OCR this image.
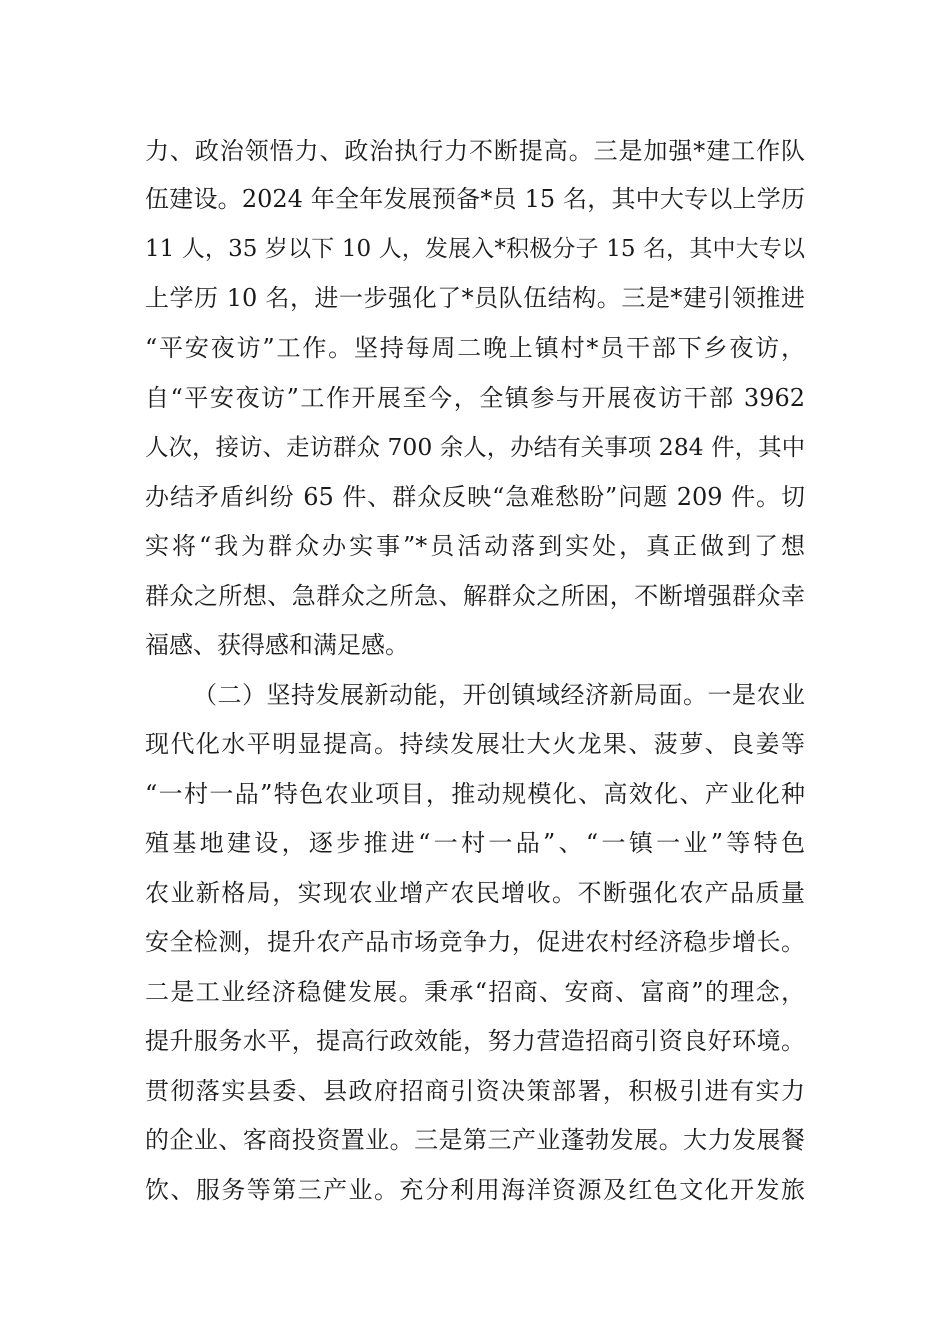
力、政治领悟力、政治执行力不断提高。三是加强*建工作队
伍建设。2024 年全年发展预备*员 15 名，其中大专以上学历
11 人，35 岁以下 10 人，发展入*积极分子 15 名，其中大专以
上学历 10 名，进一步强化了*员队伍结构。三是*建引领推进
“平安夜访”工作。坚持每周二晚上镇村*员干部下乡夜访，
自“平安夜访”工作开展至今，全镇参与开展夜访干部 3962
人次，接访、走访群众 700 余人，办结有关事项 284 件，其中
办结矛盾纠纷 65 件、群众反映“急难愁盼”问题 209 件。切
实将“我为群众办实事”*员活动落到实处，真正做到了想
群众之所想、急群众之所急、解群众之所困，不断增强群众幸
福感、获得感和满足感。
（二）坚持发展新动能，开创镇域经济新局面。一是农业
现代化水平明显提高。持续发展壮大火龙果、菠萝、良姜等
“一村一品”特色农业项目，推动规模化、高效化、产业化种
殖基地建设，逐步推进“一村一品”、“一镇一业”等特色
农业新格局，实现农业增产农民增收。不断强化农产品质量
安全检测，提升农产品市场竞争力，促进农村经济稳步增长。
二是工业经济稳健发展。秉承“招商、安商、富商”的理念，
提升服务水平，提高行政效能，努力营造招商引资良好环境。
贯彻落实县委、县政府招商引资决策部署，积极引进有实力
的企业、客商投资置业。三是第三产业蓬勃发展。大力发展餐
饮、服务等第三产业。充分利用海洋资源及红色文化开发旅
